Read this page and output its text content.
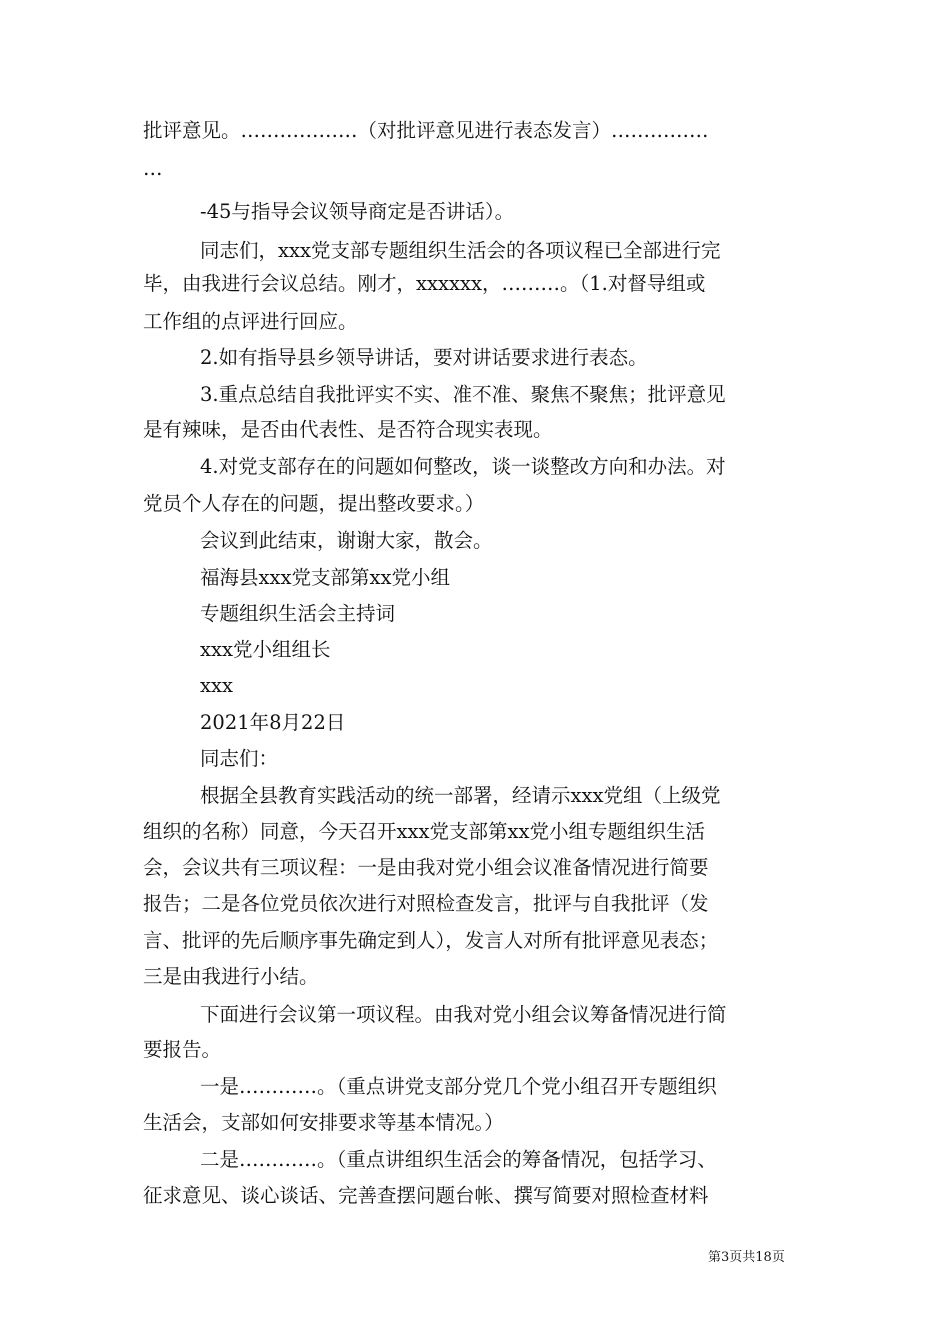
批评意见。………………（对批评意见进行表态发言）……………
…
-45与指导会议领导商定是否讲话）。
同志们，xxx党支部专题组织生活会的各项议程已全部进行完
毕，由我进行会议总结。刚才，xxxxxx，………。（1.对督导组或
工作组的点评进行回应。
2.如有指导县乡领导讲话，要对讲话要求进行表态。
3.重点总结自我批评实不实、准不准、聚焦不聚焦；批评意见
是有辣味，是否由代表性、是否符合现实表现。
4.对党支部存在的问题如何整改，谈一谈整改方向和办法。对
党员个人存在的问题，提出整改要求。）
会议到此结束，谢谢大家，散会。
福海县xxx党支部第xx党小组
专题组织生活会主持词
xxx党小组组长
xxx
2021年8月22日
同志们：
根据全县教育实践活动的统一部署，经请示xxx党组（上级党
组织的名称）同意，今天召开xxx党支部第xx党小组专题组织生活
会，会议共有三项议程：一是由我对党小组会议准备情况进行简要
报告；二是各位党员依次进行对照检查发言，批评与自我批评（发
言、批评的先后顺序事先确定到人），发言人对所有批评意见表态；
三是由我进行小结。
下面进行会议第一项议程。由我对党小组会议筹备情况进行简
要报告。
一是…………。（重点讲党支部分党几个党小组召开专题组织
生活会，支部如何安排要求等基本情况。）
二是…………。（重点讲组织生活会的筹备情况，包括学习、
征求意见、谈心谈话、完善查摆问题台帐、撰写简要对照检查材料
第3页共18页
